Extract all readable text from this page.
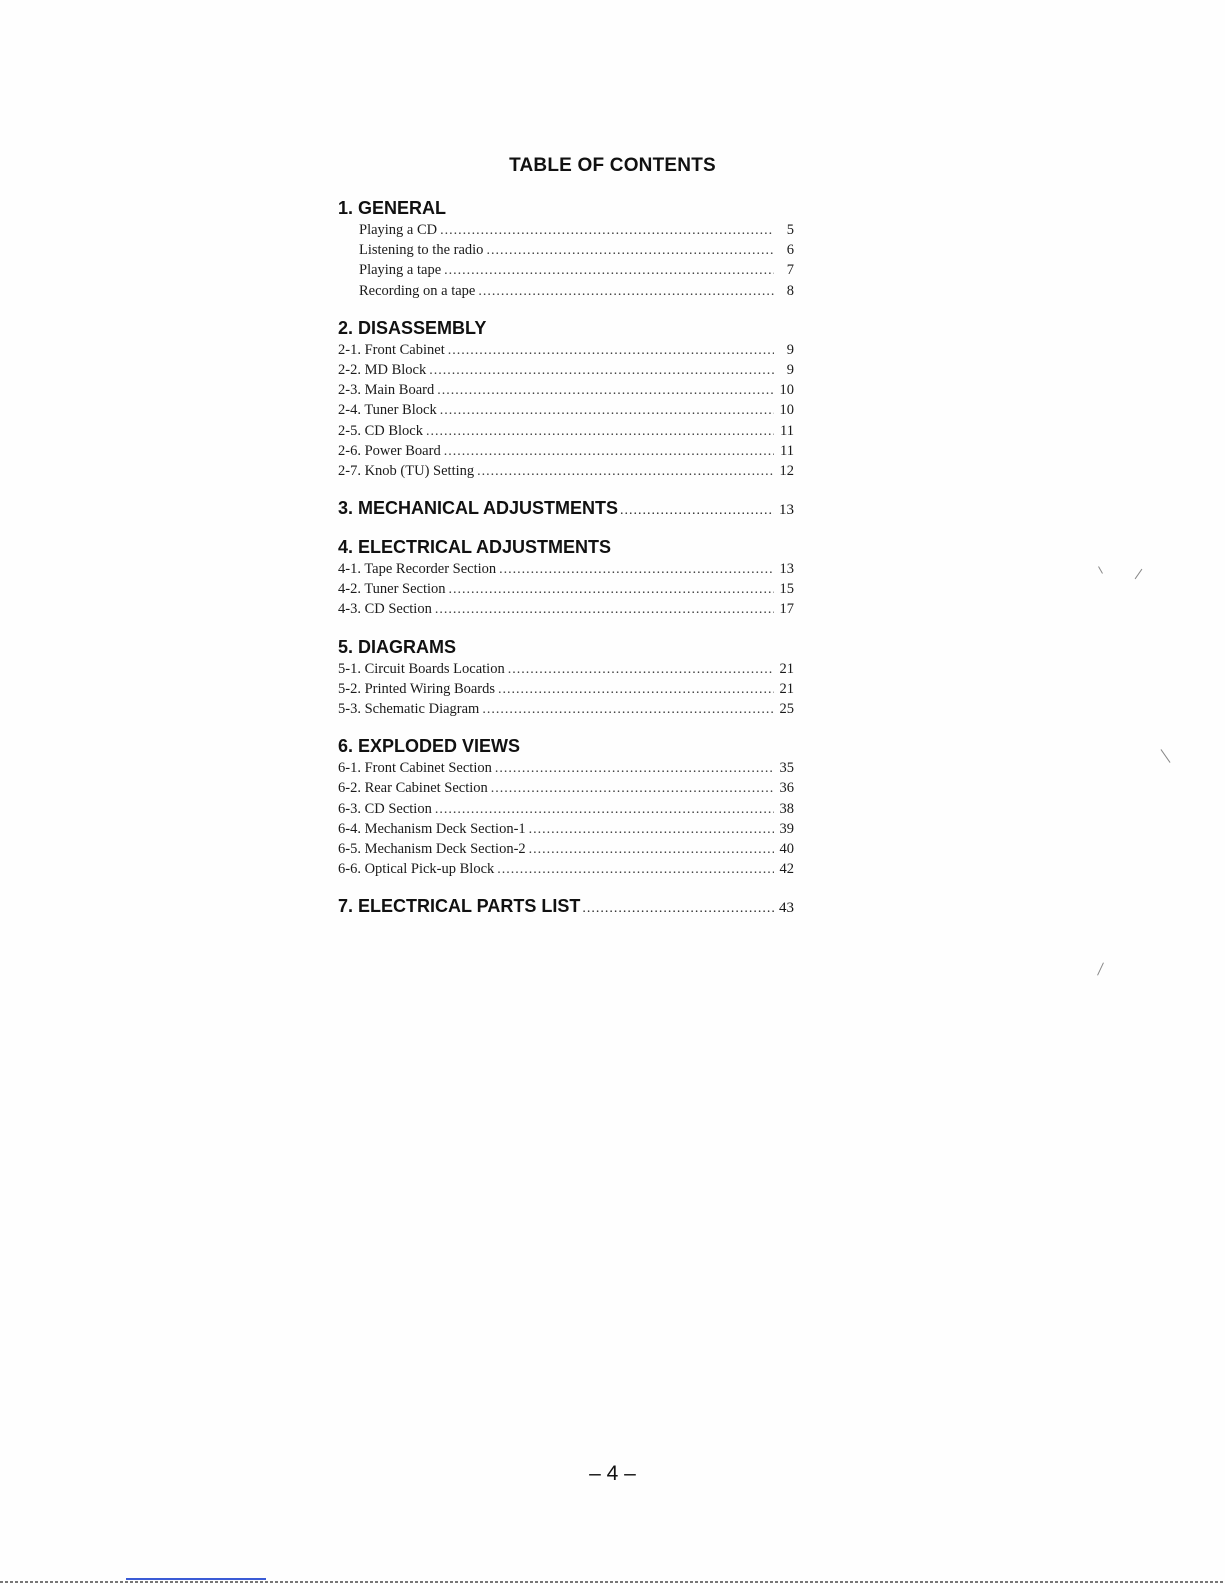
TABLE OF CONTENTS
1. GENERAL
Playing a CD .....	5
Listening to the radio .....	6
Playing a tape .....	7
Recording on a tape .....	8
2. DISASSEMBLY
2-1. Front Cabinet .....	9
2-2. MD Block .....	9
2-3. Main Board .....	10
2-4. Tuner Block .....	10
2-5. CD Block .....	11
2-6. Power Board .....	11
2-7. Knob (TU) Setting .....	12
3. MECHANICAL ADJUSTMENTS .....	13
4. ELECTRICAL ADJUSTMENTS
4-1. Tape Recorder Section .....	13
4-2. Tuner Section .....	15
4-3. CD Section .....	17
5. DIAGRAMS
5-1. Circuit Boards Location .....	21
5-2. Printed Wiring Boards .....	21
5-3. Schematic Diagram .....	25
6. EXPLODED VIEWS
6-1. Front Cabinet Section .....	35
6-2. Rear Cabinet Section .....	36
6-3. CD Section .....	38
6-4. Mechanism Deck Section-1 .....	39
6-5. Mechanism Deck Section-2 .....	40
6-6. Optical Pick-up Block .....	42
7. ELECTRICAL PARTS LIST .....	43
– 4 –
